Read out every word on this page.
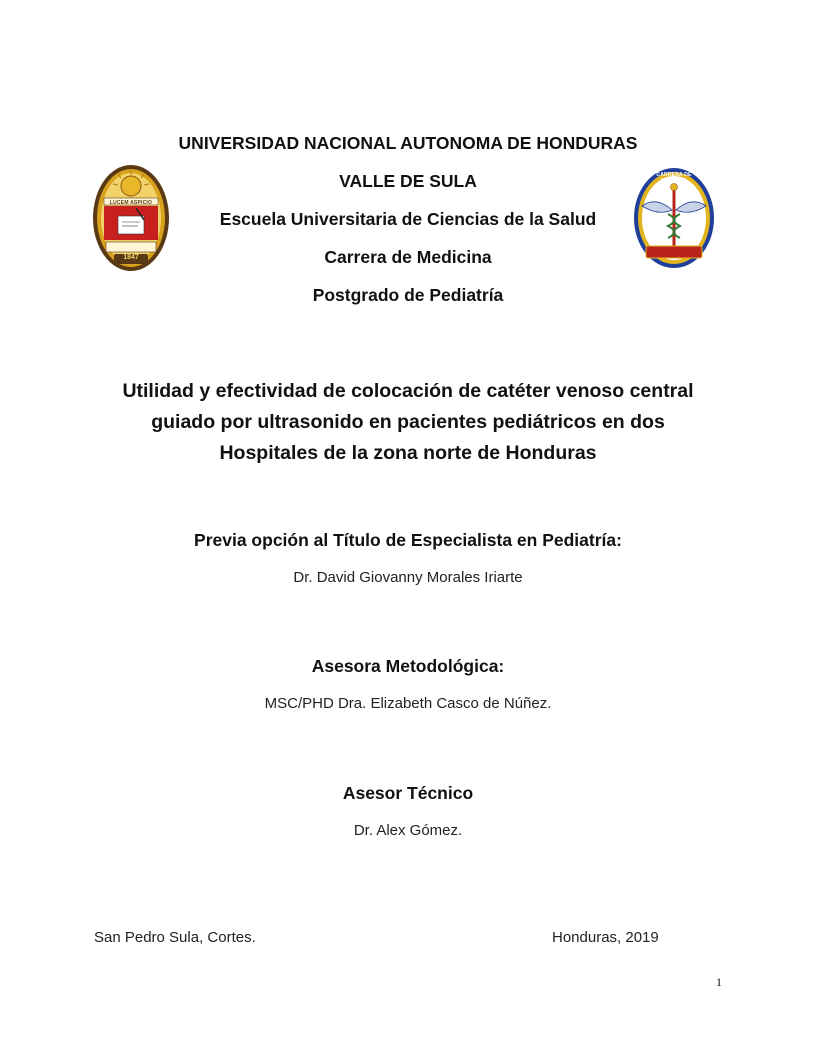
UNIVERSIDAD NACIONAL AUTONOMA DE HONDURAS
VALLE DE SULA
Escuela Universitaria de Ciencias de la Salud
Carrera de Medicina
Postgrado de Pediatría
LUCEM ASPICIO
1847
CARRERA DE MEDICINA
Utilidad y efectividad de colocación de catéter venoso central
guiado por ultrasonido en pacientes pediátricos en dos
Hospitales de la zona norte de Honduras
Previa opción al Título de Especialista en Pediatría:
Dr. David Giovanny Morales Iriarte
Asesora Metodológica:
MSC/PHD Dra. Elizabeth Casco de Núñez.
Asesor Técnico
Dr. Alex Gómez.
San Pedro Sula, Cortes.	Honduras, 2019
1
